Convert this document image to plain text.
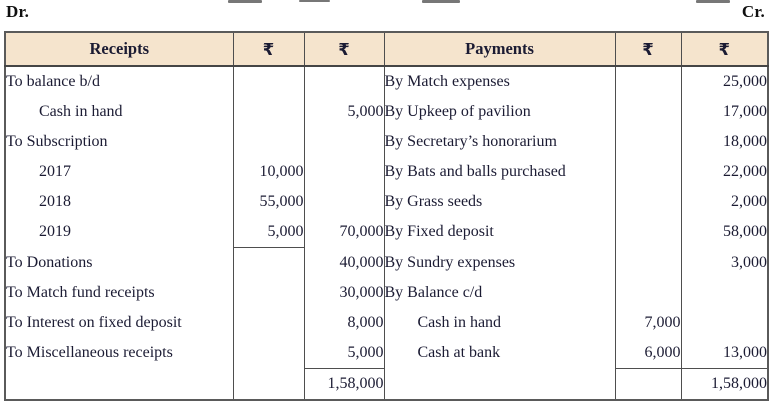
Dr.	Cr.
Receipts	₹	₹	Payments	₹	₹
To balance b/d			By Match expenses		25,000
Cash in hand		5,000	By Upkeep of pavilion		17,000
To Subscription			By Secretary’s honorarium		18,000
2017	10,000		By Bats and balls purchased		22,000
2018	55,000		By Grass seeds		2,000
2019	5,000	70,000	By Fixed deposit		58,000
To Donations		40,000	By Sundry expenses		3,000
To Match fund receipts		30,000	By Balance c/d		
To Interest on fixed deposit		8,000	Cash in hand	7,000	
To Miscellaneous receipts		5,000	Cash at bank	6,000	13,000
		1,58,000			1,58,000
